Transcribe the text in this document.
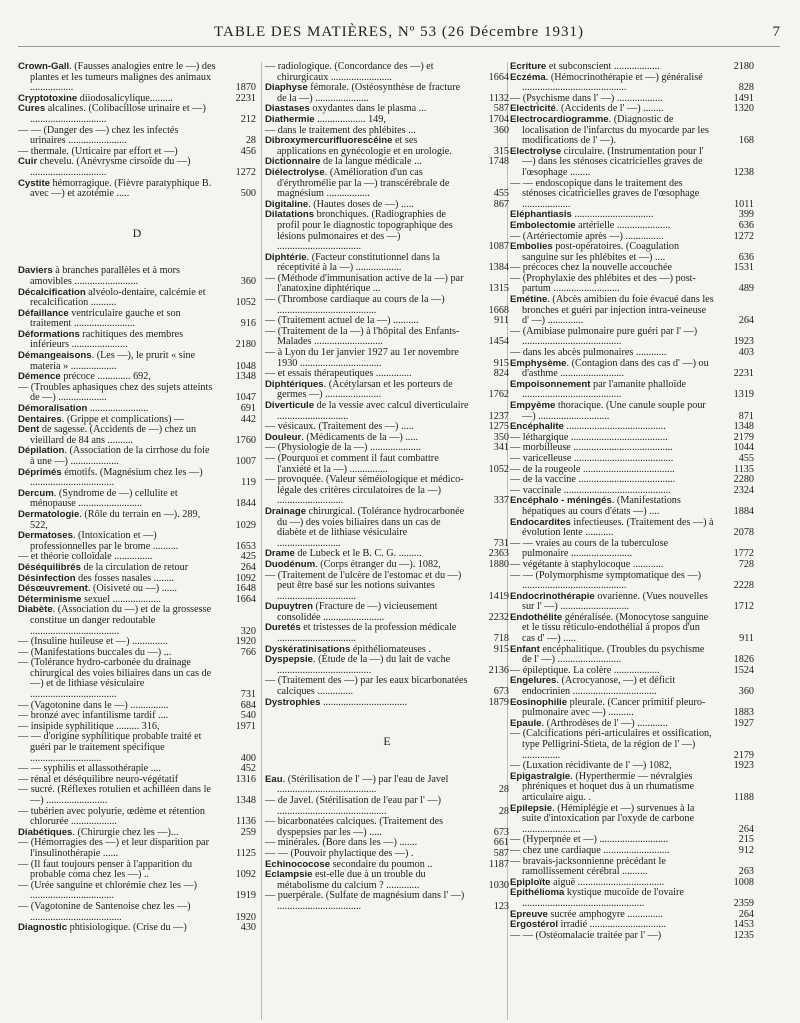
TABLE DES MATIÈRES, Nº 53 (26 Décembre 1931)	7
Crown-Gall. (Fausses analogies entre le —) des plantes et les tumeurs malignes des animaux .................	1870
Cryptotoxine diiodosalicylique.........	2231
Cures alcalines. (Colibacillose urinaire et —) ..............................	212
— — (Danger des —) chez les infectés urinaires .......................	28
— thermale. (Urticaire par effort et —)	456
Cuir chevelu. (Anévrysme cirsoïde du —) ..............................	1272
Cystite hémorragique. (Fièvre paratyphique B. avec —) et azotémie .....	500
D
Daviers à branches parallèles et à mors amovibles .........................	360
Décalcification alvéolo-dentaire, calcémie et recalcification ..........	1052
Défaillance ventriculaire gauche et son traitement ........................	916
Déformations rachitiques des membres inférieurs ......................	2180
Démangeaisons. (Les —), le prurit « sine materia » ..................	1048
Démence précoce ............. 692,	1348
— (Troubles aphasiques chez des sujets atteints de —) ...................	1047
Démoralisation .......................	691
Dentaires. (Grippe et complications) —	442
Dent de sagesse. (Accidents de —) chez un vieillard de 84 ans ..........	1760
Dépilation. (Association de la cirrhose du foie à une —) ...................	1007
Déprimés émotifs. (Magnésium chez les —) .................................	119
Dercum. (Syndrome de —) cellulite et ménopause .........................	1844
Dermatologie. (Rôle du terrain en —). 289, 522,	1029
Dermatoses. (Intoxication et —) professionnelles par le brome ..........	1653
— et théorie colloïdale ...............	425
Déséquilibrés de la circulation de retour	264
Désinfection des fosses nasales ........	1092
Désœuvrement. (Oisiveté ou —) ......	1648
Déterminisme sexuel ...................	1664
Diabète. (Association du —) et de la grossesse constitue un danger redoutable ...................................	320
— (Insuline huileuse et —) ..............	1920
— (Manifestations buccales du —) ...	766
— (Tolérance hydro-carbonée du drainage chirurgical des voies biliaires dans un cas de —) et de lithiase vésiculaire ..................................	731
— (Vagotonine dans le —) ...............	684
— bronzé avec infantilisme tardif ....	540
— insipide syphilitique ......... 316,	1971
— — d'origine syphilitique probable traité et guéri par le traitement spécifique ............................	400
— — syphilis et allassothérapie ....	452
— rénal et déséquilibre neuro-végétatif	1316
— sucré. (Réflexes rotulien et achilléen dans le —) ........................	1348
— tubérien avec polyurie, œdème et rétention chlorurée ..................	1136
Diabétiques. (Chirurgie chez les —)...	259
— (Hémorragies des —) et leur disparition par l'insulinothérapie ......	1125
— (Il faut toujours penser à l'apparition du probable coma chez les —) ..	1092
— (Urée sanguine et chlorémie chez les —) .................................	1919
— (Vagotonine de Santenoise chez les —) ....................................	1920
Diagnostic phtisiologique. (Crise du —)	430
— radiologique. (Concordance des —) et chirurgicaux ........................	1664
Diaphyse fémorale. (Ostéosynthèse de fracture de la —) .....................	1132
Diastases oxydantes dans le plasma ...	587
Diathermie ................... 149,	1704
— dans le traitement des phlébites ...	360
Dibroxymercurifluorescéine et ses applications en gynécologie et en urologie.	315
Dictionnaire de la langue médicale ...	1748
Diélectrolyse. (Amélioration d'un cas d'érythromélie par la —) transcérébrale de magnésium .................	455
Digitaline. (Hautes doses de —) .....	867
Dilatations bronchiques. (Radiographies de profil pour le diagnostic topographique des lésions pulmonaires et des —) .................................	1087
Diphtérie. (Facteur constitutionnel dans la réceptivité à la —) ..................	1384
— (Méthode d'immunisation active de la —) par l'anatoxine diphtérique ...	1315
— (Thrombose cardiaque au cours de la —) .......................................	1668
— (Traitement actuel de la —) ..........	911
— (Traitement de la —) à l'hôpital des Enfants-Malades ...........................	1454
— à Lyon du 1er janvier 1927 au 1er novembre 1930 ................................	915
— et essais thérapeutiques ..............	824
Diphtériques. (Acétylarsan et les porteurs de germes —) ......................	1762
Diverticule de la vessie avec calcul diverticulaire ............................	1237
— vésicaux. (Traitement des —) .....	1275
Douleur. (Médicaments de la —) .....	350
— (Physiologie de la —) ....................	341
— (Pourquoi et comment il faut combattre l'anxiété et la —) ...............	1052
— provoquée. (Valeur séméiologique et médico-légale des critères circulatoires de la —) ..........................	337
Drainage chirurgical. (Tolérance hydrocarbonée du —) des voies biliaires dans un cas de diabète et de lithiase vésiculaire .........................	731
Drame de Lubeck et le B. C. G. .........	2363
Duodénum. (Corps étranger du —). 1082,	1880
— (Traitement de l'ulcère de l'estomac et du —) peut être basé sur les notions suivantes ...............................	1419
Dupuytren (Fracture de —) vicieusement consolidée ........................	2232
Duretés et tristesses de la profession médicale ...............................	718
Dyskératinisations épithéliomateuses .	915
Dyspepsie. (Étude de la —) du lait de vache .....................................	2136
— (Traitement des —) par les eaux bicarbonatées calciques ..............	673
Dystrophies .................................	1879
E
Eau. (Stérilisation de l' —) par l'eau de Javel .......................................	28
— de Javel. (Stérilisation de l'eau par l' —) ...........................................	28
— bicarbonatées calciques. (Traitement des dyspepsies par les —) .....	673
— minérales. (Bore dans les —) .......	661
— — (Pouvoir phylactique des —) .	587
Echinococose secondaire du poumon ..	1187
Eclampsie est-elle due à un trouble du métabolisme du calcium ? .............	1030
— puerpérale. (Sulfate de magnésium dans l' —) .................................	123
Ecriture et subconscient ..................	2180
Eczéma. (Hémocrinothérapie et —) généralisé .........................................	828
— (Psychisme dans l' —) ..................	1491
Electricité. (Accidents de l' —) ........	1320
Electrocardiogramme. (Diagnostic de localisation de l'infarctus du myocarde par les modifications de l' —).	168
Electrolyse circulaire. (Instrumentation pour l' —) dans les sténoses cicatricielles graves de l'œsophage ........	1238
— — endoscopique dans le traitement des sténoses cicatricielles graves de l'œsophage ...................	1011
Eléphantiasis ...............................	399
Embolectomie artérielle .....................	636
— (Artériectomie après —) ...............	1272
Embolies post-opératoires. (Coagulation sanguine sur les phlébites et —) ....	636
— précoces chez la nouvelle accouchée	1531
— (Prophylaxie des phlébites et des —) post-partum ..........................	489
Emétine. (Abcès amibien du foie évacué dans les bronches et guéri par injection intra-veineuse d' —) ..............	264
— (Amibiase pulmonaire pure guéri par l' —) .......................................	1923
— dans les abcès pulmonaires ............	403
Emphysème. (Contagion dans des cas d' —) ou d'asthme .........................	2231
Empoisonnement par l'amanite phalloïde .......................................	1319
Empyème thoracique. (Une canule souple pour —) ............................	871
Encéphalite .......................................	1348
— léthargique ......................................	2179
— morbilleuse .......................................	1044
— varicelleuse .......................................	455
— de la rougeole ....................................	1135
— de la vaccine ......................................	2280
— vaccinale ..........................................	2324
Encéphalo - méningés. (Manifestations hépatiques au cours d'états —) ....	1884
Endocardites infectieuses. (Traitement des —) à évolution lente ...........	2078
— — vraies au cours de la tuberculose pulmonaire ........................	1772
— végétante à staphylocoque ............	728
— — (Polymorphisme symptomatique des —) .........................................	2228
Endocrinothérapie ovarienne. (Vues nouvelles sur l' —) ...........................	1712
Endothélite généralisée. (Monocytose sanguine et le tissu réticulo-endothélial à propos d'un cas d' —) .....	911
Enfant encéphalitique. (Troubles du psychisme de l' —) .........................	1826
— épileptique. La colère ..................	1524
Engelures. (Acrocyanose, —) et déficit endocrinien .................................	360
Eosinophilie pleurale. (Cancer primitif pleuro-pulmonaire avec —) ..........	1883
Epaule. (Arthrodèses de l' —) ............	1927
— (Calcifications péri-articulaires et ossification, type Pelligrini-Stieta, de la région de l' —) ...............	2179
— (Luxation récidivante de l' —) 1082,	1923
Epigastralgie. (Hyperthermie — névralgies phréniques et hoquet dus à un rhumatisme articulaire aigu. .	1188
Epilepsie. (Hémiplégie et —) survenues à la suite d'intoxication par l'oxyde de carbone .......................	264
— (Hyperpnée et —) ...........................	215
— chez une cardiaque ..........................	912
— bravais-jacksonnienne précédant le ramollissement cérébral ..........	263
Epiploïte aiguë ..................................	1008
Epithélioma kystique mucoïde de l'ovaire ................................................	2359
Epreuve sucrée amphogyre ..............	264
Ergostérol irradié ..............................	1453
— — (Ostéomalacie traitée par l' —)	1235
